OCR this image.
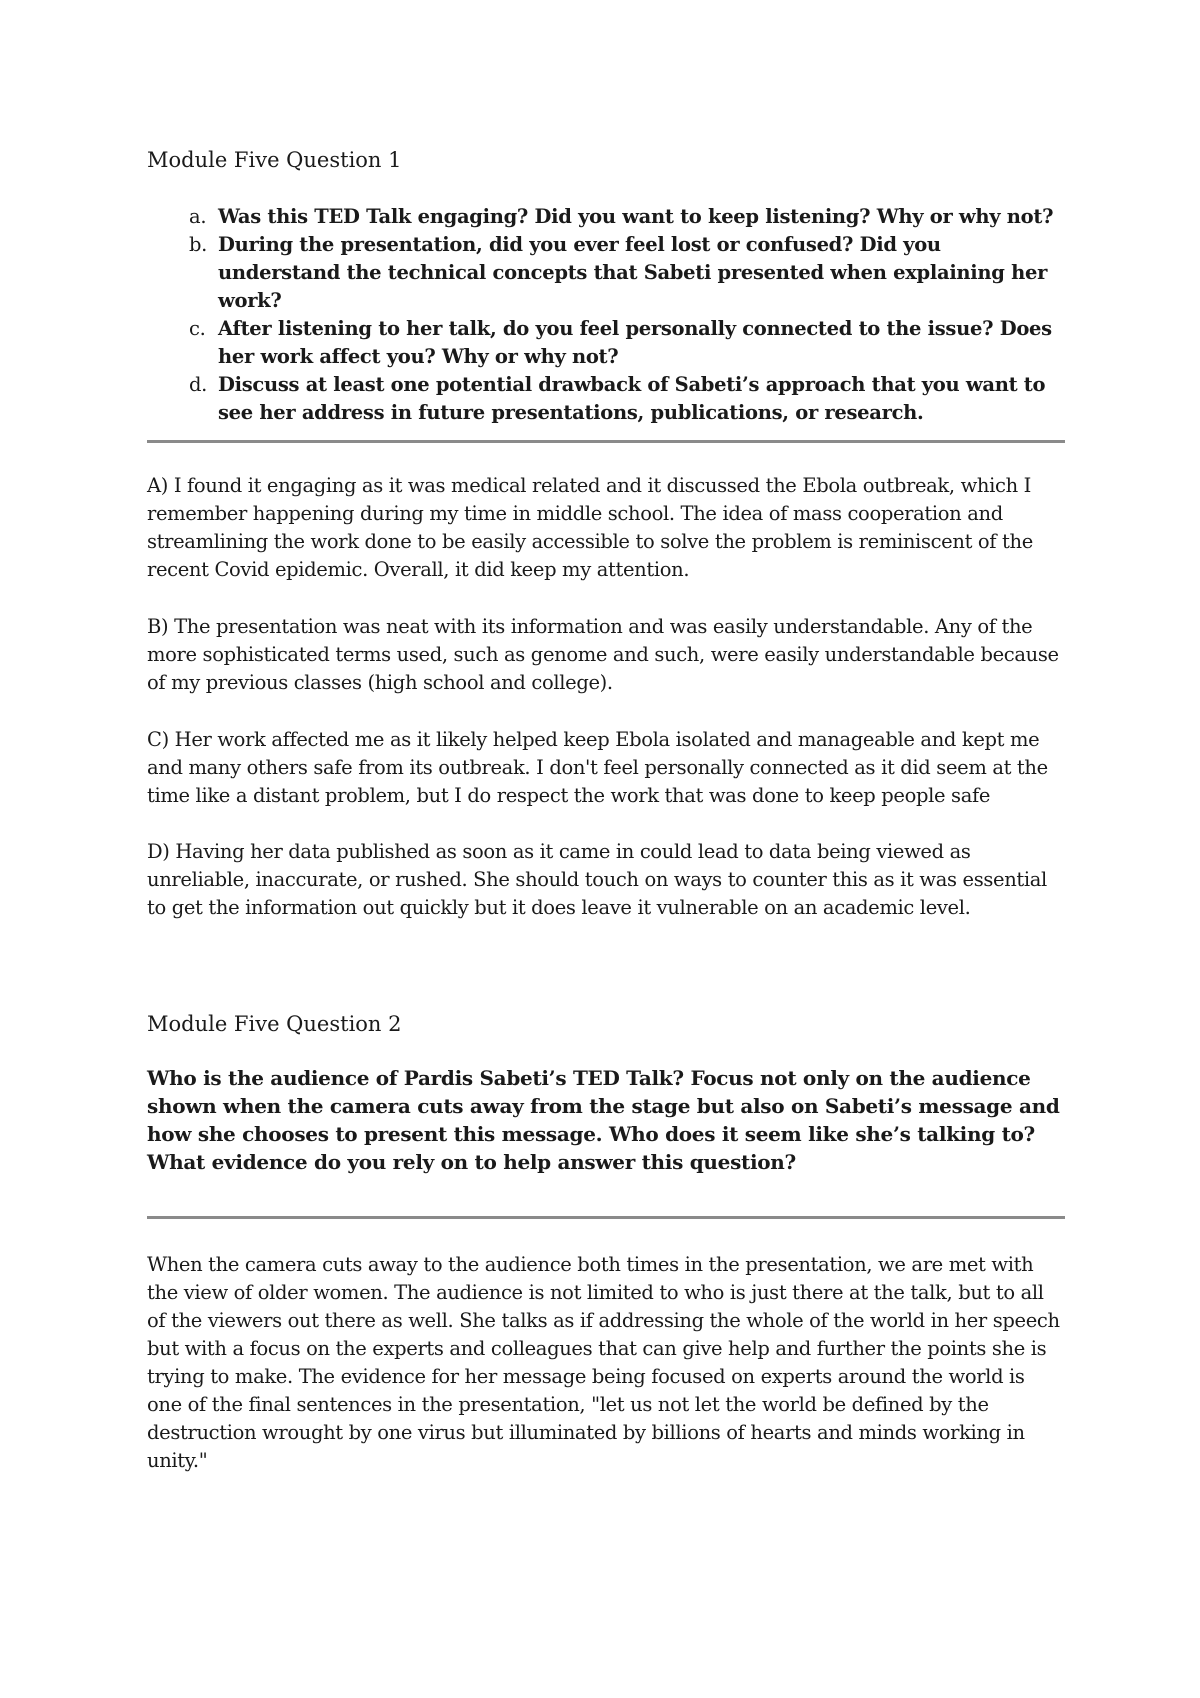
Module Five Question 1
a. Was this TED Talk engaging? Did you want to keep listening? Why or why not?
b. During the presentation, did you ever feel lost or confused? Did you understand the technical concepts that Sabeti presented when explaining her work?
c. After listening to her talk, do you feel personally connected to the issue? Does her work affect you? Why or why not?
d. Discuss at least one potential drawback of Sabeti’s approach that you want to see her address in future presentations, publications, or research.

A) I found it engaging as it was medical related and it discussed the Ebola outbreak, which I remember happening during my time in middle school. The idea of mass cooperation and streamlining the work done to be easily accessible to solve the problem is reminiscent of the recent Covid epidemic. Overall, it did keep my attention.

B) The presentation was neat with its information and was easily understandable. Any of the more sophisticated terms used, such as genome and such, were easily understandable because of my previous classes (high school and college).

C) Her work affected me as it likely helped keep Ebola isolated and manageable and kept me and many others safe from its outbreak. I don't feel personally connected as it did seem at the time like a distant problem, but I do respect the work that was done to keep people safe

D) Having her data published as soon as it came in could lead to data being viewed as unreliable, inaccurate, or rushed. She should touch on ways to counter this as it was essential to get the information out quickly but it does leave it vulnerable on an academic level.

Module Five Question 2

Who is the audience of Pardis Sabeti’s TED Talk? Focus not only on the audience shown when the camera cuts away from the stage but also on Sabeti’s message and how she chooses to present this message. Who does it seem like she’s talking to? What evidence do you rely on to help answer this question?

When the camera cuts away to the audience both times in the presentation, we are met with the view of older women. The audience is not limited to who is just there at the talk, but to all of the viewers out there as well. She talks as if addressing the whole of the world in her speech but with a focus on the experts and colleagues that can give help and further the points she is trying to make. The evidence for her message being focused on experts around the world is one of the final sentences in the presentation, "let us not let the world be defined by the destruction wrought by one virus but illuminated by billions of hearts and minds working in unity."
